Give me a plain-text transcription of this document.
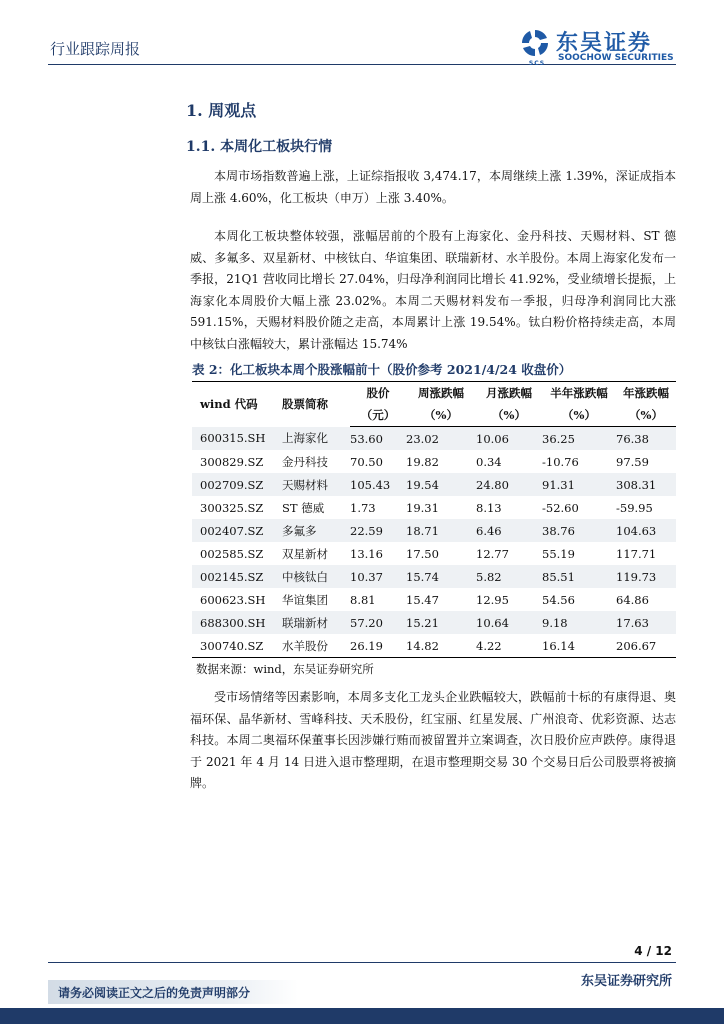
行业跟踪周报
SCS
东吴证券
SOOCHOW SECURITIES
1. 周观点
1.1. 本周化工板块行情

本周市场指数普遍上涨，上证综指报收 3,474.17，本周继续上涨 1.39%，深证成指本周上涨 4.60%，化工板块（申万）上涨 3.40%。

本周化工板块整体较强，涨幅居前的个股有上海家化、金丹科技、天赐材料、ST 德威、多氟多、双星新材、中核钛白、华谊集团、联瑞新材、水羊股份。本周上海家化发布一季报，21Q1 营收同比增长 27.04%，归母净利润同比增长 41.92%，受业绩增长提振，上海家化本周股价大幅上涨 23.02%。本周二天赐材料发布一季报，归母净利润同比大涨 591.15%，天赐材料股价随之走高，本周累计上涨 19.54%。钛白粉价格持续走高，本周中核钛白涨幅较大，累计涨幅达 15.74%

表 2：化工板块本周个股涨幅前十（股价参考 2021/4/24 收盘价）
wind 代码	股票简称	股价	周涨跌幅	月涨跌幅	半年涨跌幅	年涨跌幅
		（元）	（%）	（%）	（%）	（%）
600315.SH	上海家化	53.60	23.02	10.06	36.25	76.38
300829.SZ	金丹科技	70.50	19.82	0.34	-10.76	97.59
002709.SZ	天赐材料	105.43	19.54	24.80	91.31	308.31
300325.SZ	ST 德威	1.73	19.31	8.13	-52.60	-59.95
002407.SZ	多氟多	22.59	18.71	6.46	38.76	104.63
002585.SZ	双星新材	13.16	17.50	12.77	55.19	117.71
002145.SZ	中核钛白	10.37	15.74	5.82	85.51	119.73
600623.SH	华谊集团	8.81	15.47	12.95	54.56	64.86
688300.SH	联瑞新材	57.20	15.21	10.64	9.18	17.63
300740.SZ	水羊股份	26.19	14.82	4.22	16.14	206.67
数据来源：wind，东吴证券研究所

受市场情绪等因素影响，本周多支化工龙头企业跌幅较大，跌幅前十标的有康得退、奥福环保、晶华新材、雪峰科技、天禾股份，红宝丽、红星发展、广州浪奇、优彩资源、达志科技。本周二奥福环保董事长因涉嫌行贿而被留置并立案调查，次日股价应声跌停。康得退于 2021 年 4 月 14 日进入退市整理期，在退市整理期交易 30 个交易日后公司股票将被摘牌。

4 / 12
东吴证券研究所
请务必阅读正文之后的免责声明部分
